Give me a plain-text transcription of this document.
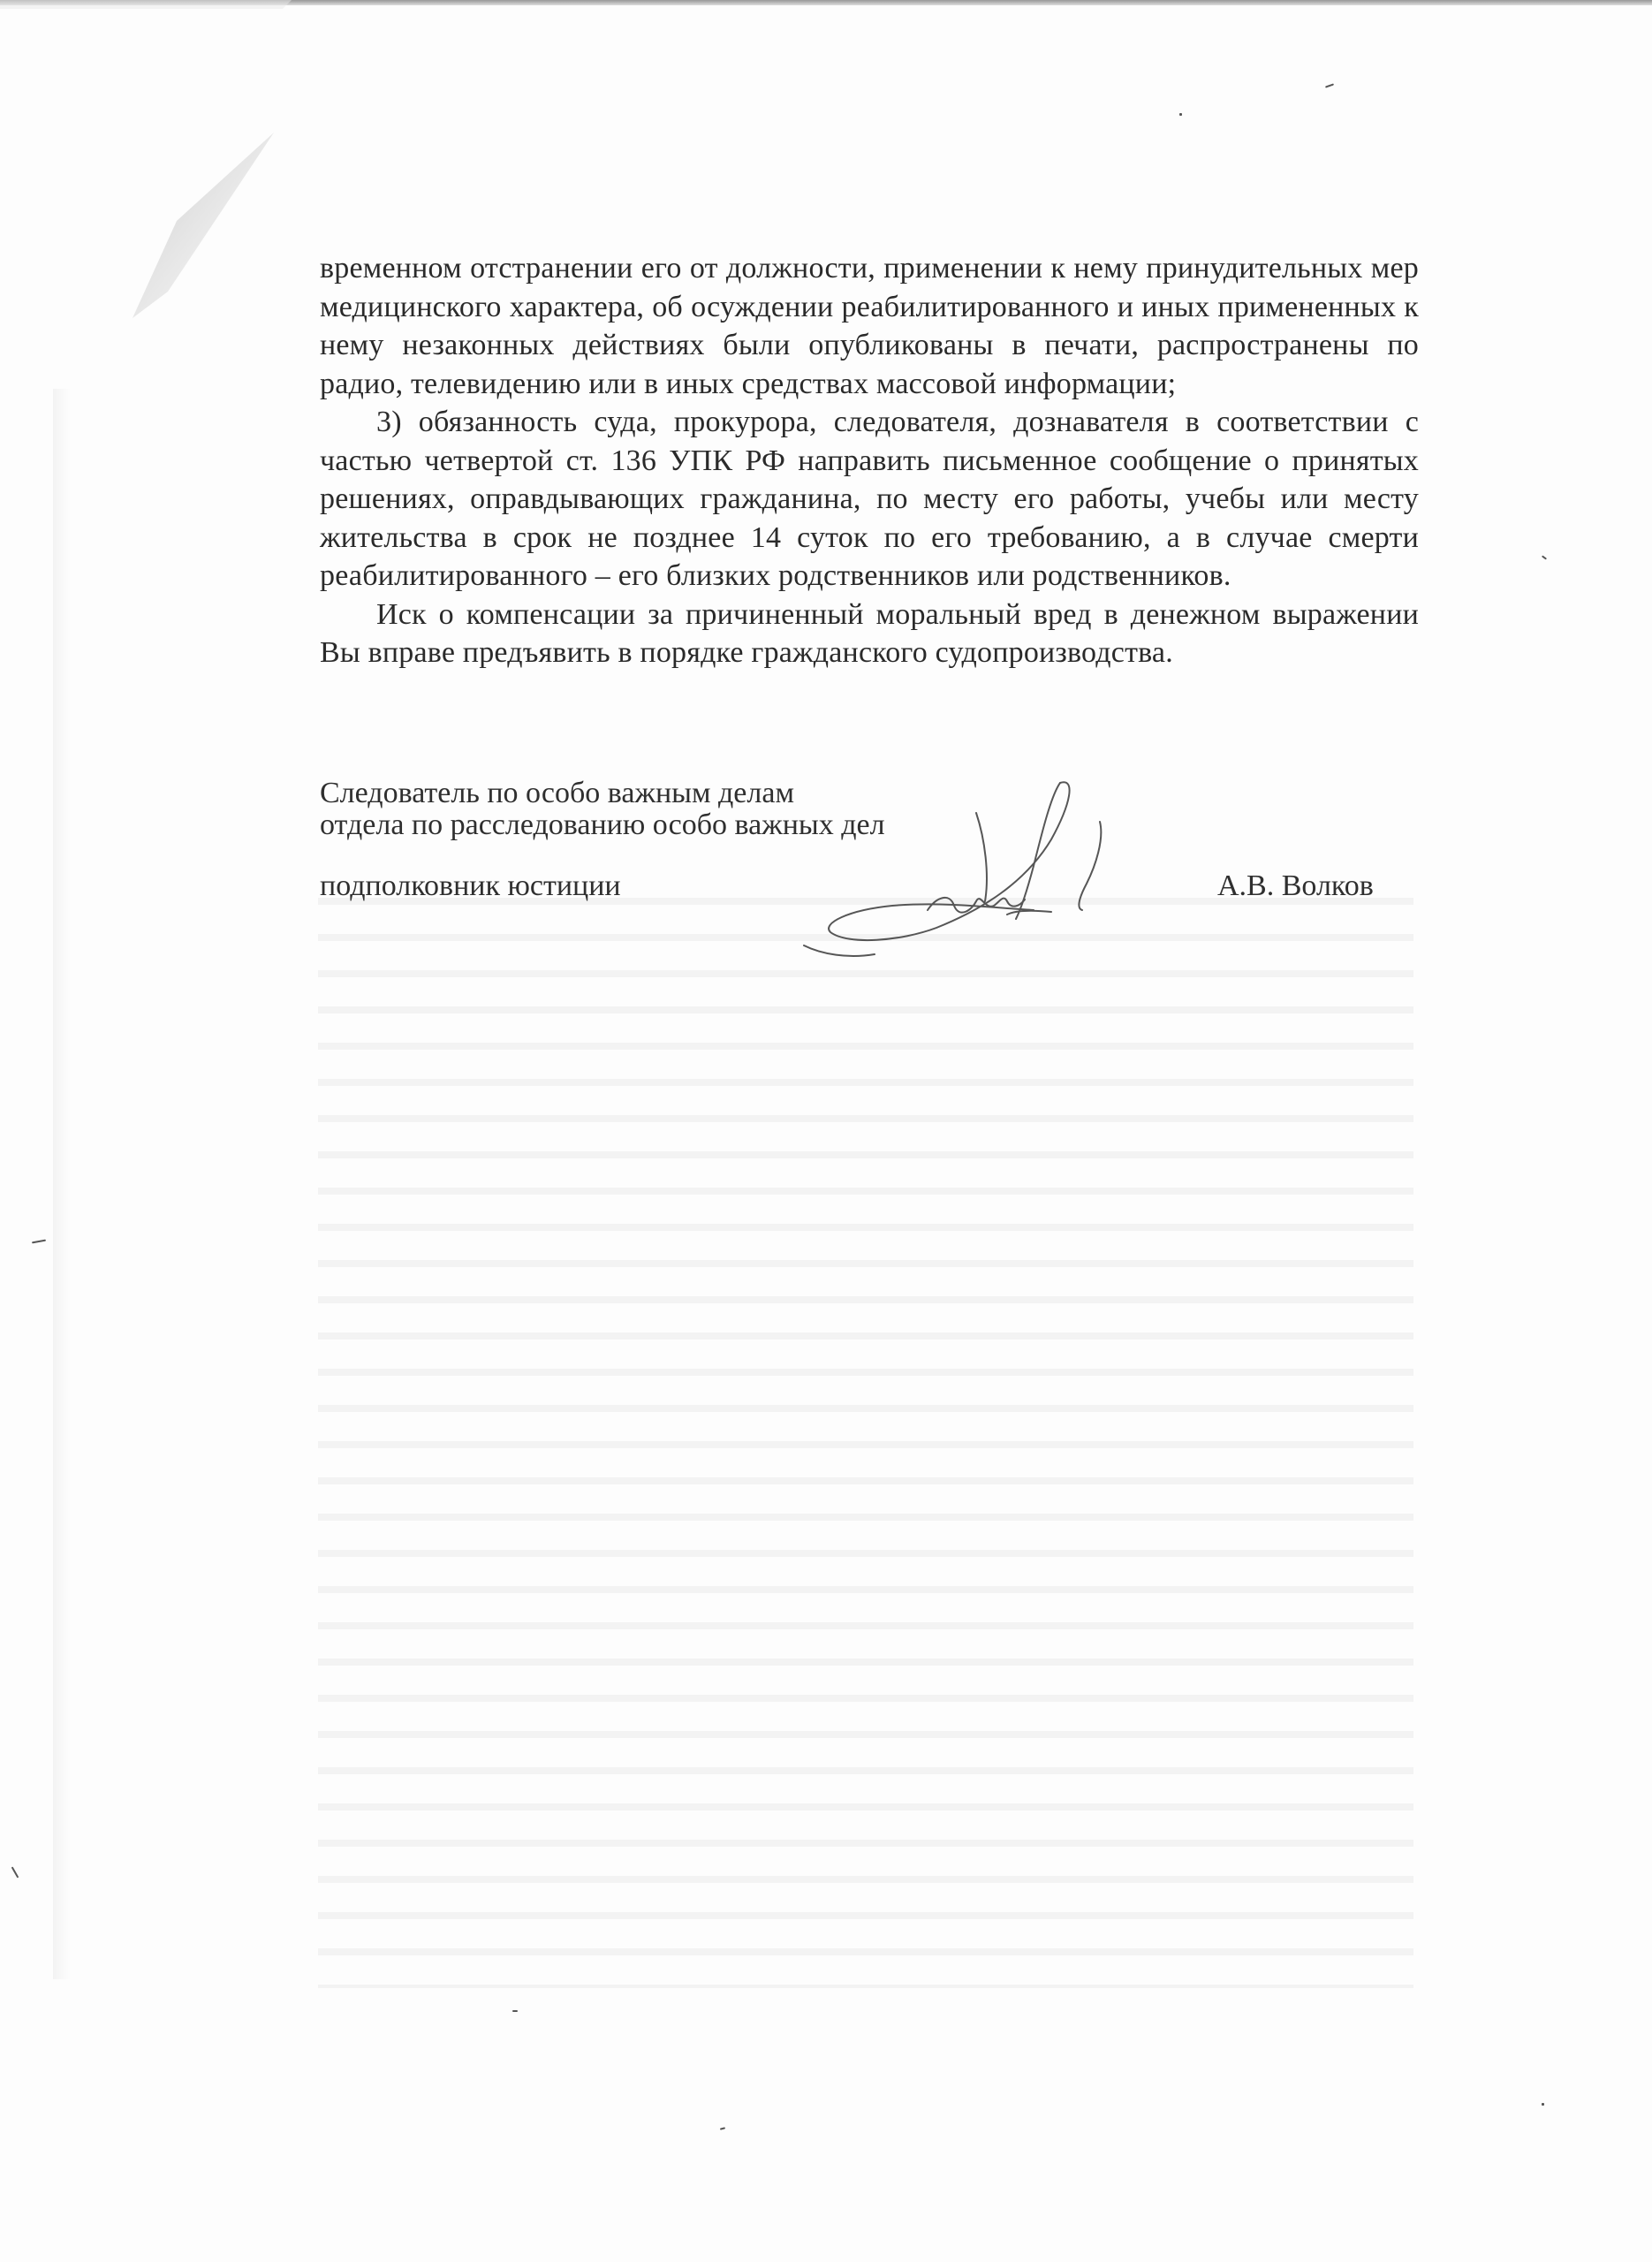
временном отстранении его от должности, применении к нему принудительных мер медицинского характера, об осуждении реабилитированного и иных примененных к нему незаконных действиях были опубликованы в печати, распространены по радио, телевидению или в иных средствах массовой информации;

3) обязанность суда, прокурора, следователя, дознавателя в соответствии с частью четвертой ст. 136 УПК РФ направить письменное сообщение о принятых решениях, оправдывающих гражданина, по месту его работы, учебы или месту жительства в срок не позднее 14 суток по его требованию, а в случае смерти реабилитированного – его близких родственников или родственников.

Иск о компенсации за причиненный моральный вред в денежном выражении Вы вправе предъявить в порядке гражданского судопроизводства.

Следователь по особо важным делам
отдела по расследованию особо важных дел
подполковник юстиции	А.В. Волков
